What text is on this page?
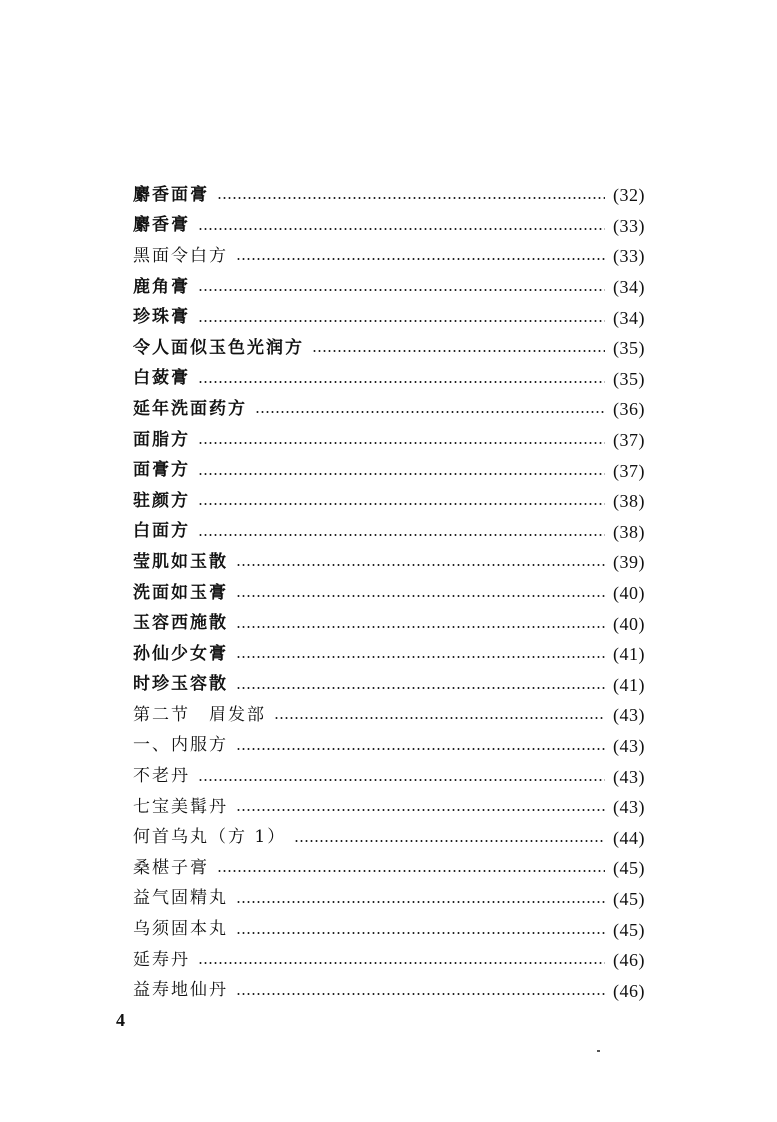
麝香面膏	(32)
麝香膏	(33)
黑面令白方	(33)
鹿角膏	(34)
珍珠膏	(34)
令人面似玉色光润方	(35)
白蔹膏	(35)
延年洗面药方	(36)
面脂方	(37)
面膏方	(37)
驻颜方	(38)
白面方	(38)
莹肌如玉散	(39)
洗面如玉膏	(40)
玉容西施散	(40)
孙仙少女膏	(41)
时珍玉容散	(41)
第二节　眉发部	(43)
一、内服方	(43)
不老丹	(43)
七宝美髯丹	(43)
何首乌丸（方 1）	(44)
桑椹子膏	(45)
益气固精丸	(45)
乌须固本丸	(45)
延寿丹	(46)
益寿地仙丹	(46)
4
